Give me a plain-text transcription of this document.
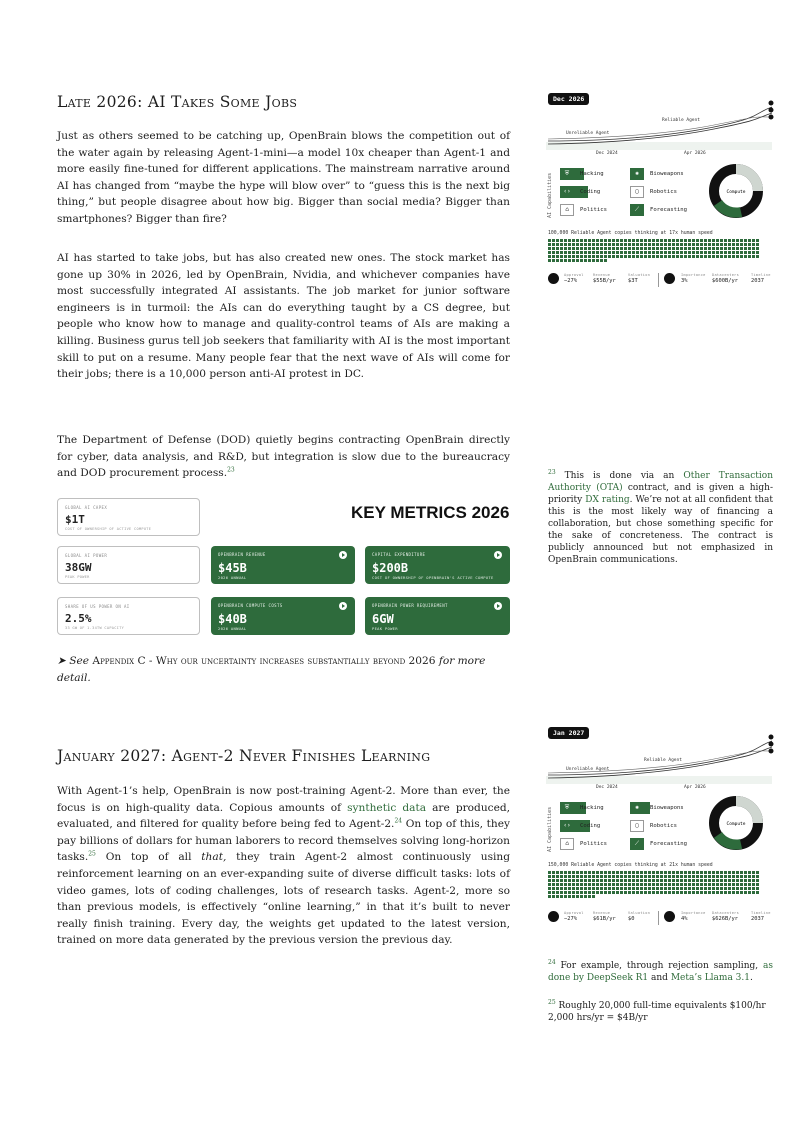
Late 2026: AI Takes Some Jobs

Just as others seemed to be catching up, OpenBrain blows the competition out of the water again by releasing Agent-1-mini—a model 10x cheaper than Agent-1 and more easily fine-tuned for different applications. The mainstream narrative around AI has changed from “maybe the hype will blow over” to “guess this is the next big thing,” but people disagree about how big. Bigger than social media? Bigger than smartphones? Bigger than fire?

AI has started to take jobs, but has also created new ones. The stock market has gone up 30% in 2026, led by OpenBrain, Nvidia, and whichever companies have most successfully integrated AI assistants. The job market for junior software engineers is in turmoil: the AIs can do everything taught by a CS degree, but people who know how to manage and quality-control teams of AIs are making a killing. Business gurus tell job seekers that familiarity with AI is the most important skill to put on a resume. Many people fear that the next wave of AIs will come for their jobs; there is a 10,000 person anti-AI protest in DC.

The Department of Defense (DOD) quietly begins contracting OpenBrain directly for cyber, data analysis, and R&D, but integration is slow due to the bureaucracy and DOD procurement process.$^{23}$

KEY METRICS 2026
GLOBAL AI CAPEX
$1T
COST OF OWNERSHIP OF ACTIVE COMPUTE
GLOBAL AI POWER
38GW
PEAK POWER
SHARE OF US POWER ON AI
2.5%
33 GW OF 1.34TW CAPACITY
OPENBRAIN REVENUE
$45B
2026 ANNUAL
CAPITAL EXPENDITURE
$200B
COST OF OWNERSHIP OF OPENBRAIN'S ACTIVE COMPUTE
OPENBRAIN COMPUTE COSTS
$40B
2026 ANNUAL
OPENBRAIN POWER REQUIREMENT
6GW
PEAK POWER

➤ See Appendix C - Why our uncertainty increases substantially beyond 2026 for more detail.

January 2027: Agent-2 Never Finishes Learning

With Agent-1’s help, OpenBrain is now post-training Agent-2. More than ever, the focus is on high-quality data. Copious amounts of synthetic data are produced, evaluated, and filtered for quality before being fed to Agent-2.24 On top of this, they pay billions of dollars for human laborers to record themselves solving long-horizon tasks.$^{25}$ On top of all that, they train Agent-2 almost continuously using reinforcement learning on an ever-expanding suite of diverse difficult tasks: lots of video games, lots of coding challenges, lots of research tasks. Agent-2, more so than previous models, is effectively “online learning,” in that it’s built to never really finish training. Every day, the weights get updated to the latest version, trained on more data generated by the previous version the previous day.

$^{23}$ This is done via an Other Transaction Authority (OTA) contract, and is given a high-priority DX rating. We’re not at all confident that this is the most likely way of financing a collaboration, but chose something specific for the sake of concreteness. The contract is publicly announced but not emphasized in OpenBrain communications.

$^{24}$ For example, through rejection sampling, as done by DeepSeek R1 and Meta’s Llama 3.1.

$^{25}$ Roughly 20,000 full-time equivalents $100/hr 2,000 hrs/yr = $4B/yr

Dec 2026
Reliable Agent
Unreliable Agent
Dec 2024	Apr 2026
AI Capabilities	⛨	Hacking
‹›	Coding
⌂	Politics
✺	Bioweapons
▢	Robotics
⟋	Forecasting
Compute
100,000 Reliable Agent copies thinking at 17x human speed
Approval
−27%
Revenue
$55B/yr
Valuation
$3T
Importance
3%
Datacenters
$600B/yr
Timeline
2037
Jan 2027
Reliable Agent
Unreliable Agent
Dec 2024	Apr 2026
AI Capabilities	⛨	Hacking
‹›	Coding
⌂	Politics
✺	Bioweapons
▢	Robotics
⟋	Forecasting
Compute
150,000 Reliable Agent copies thinking at 21x human speed
Approval
−27%
Revenue
$61B/yr
Valuation
$0
Importance
4%
Datacenters
$626B/yr
Timeline
2037
